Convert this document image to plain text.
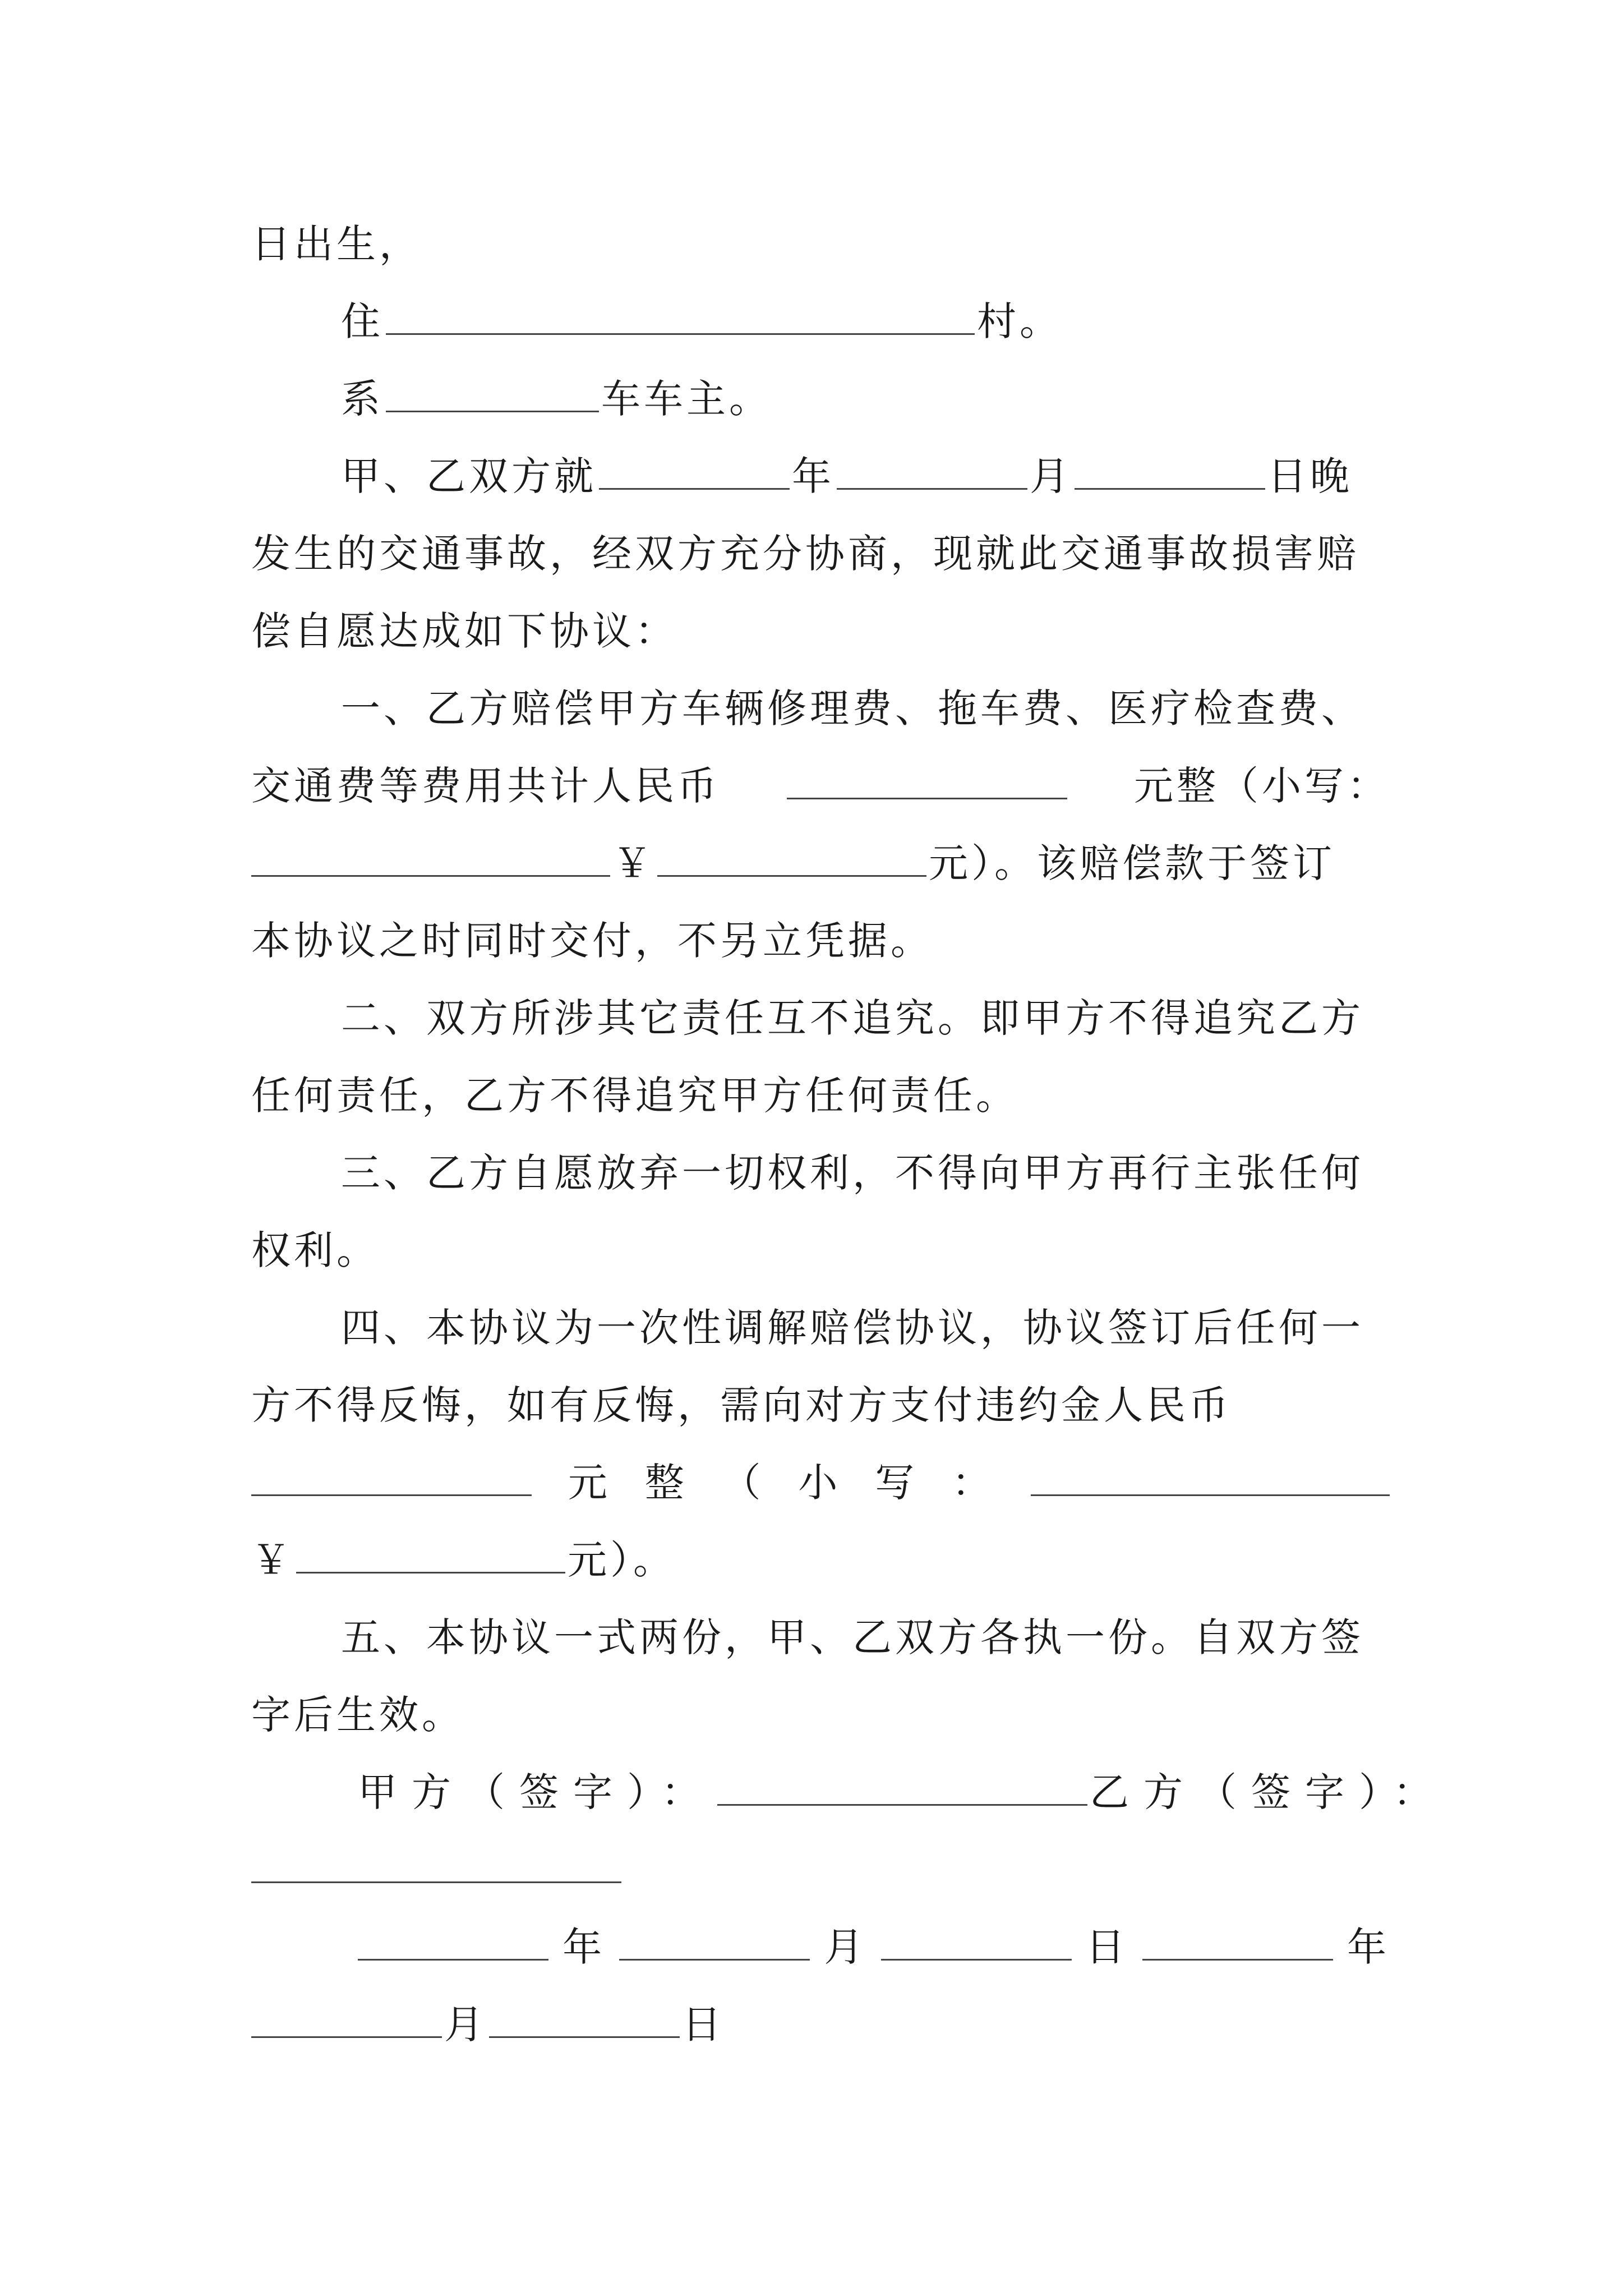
日出生，
住	村。
系	车车主。
甲、乙双方就	年	月	日晚
发生的交通事故，经双方充分协商，现就此交通事故损害赔
偿自愿达成如下协议：
一、乙方赔偿甲方车辆修理费、拖车费、医疗检查费、
交通费等费用共计人民币	元整（小写：
￥	元）。该赔偿款于签订
本协议之时同时交付，不另立凭据。
二、双方所涉其它责任互不追究。即甲方不得追究乙方
任何责任，乙方不得追究甲方任何责任。
三、乙方自愿放弃一切权利，不得向甲方再行主张任何
权利。
四、本协议为一次性调解赔偿协议，协议签订后任何一
方不得反悔，如有反悔，需向对方支付违约金人民币
元 整 （ 小 写 ：
￥	元）。
五、本协议一式两份，甲、乙双方各执一份。自双方签
字后生效。
甲方（签字）：	乙方（签字）：
年	月	日	年
月	日
